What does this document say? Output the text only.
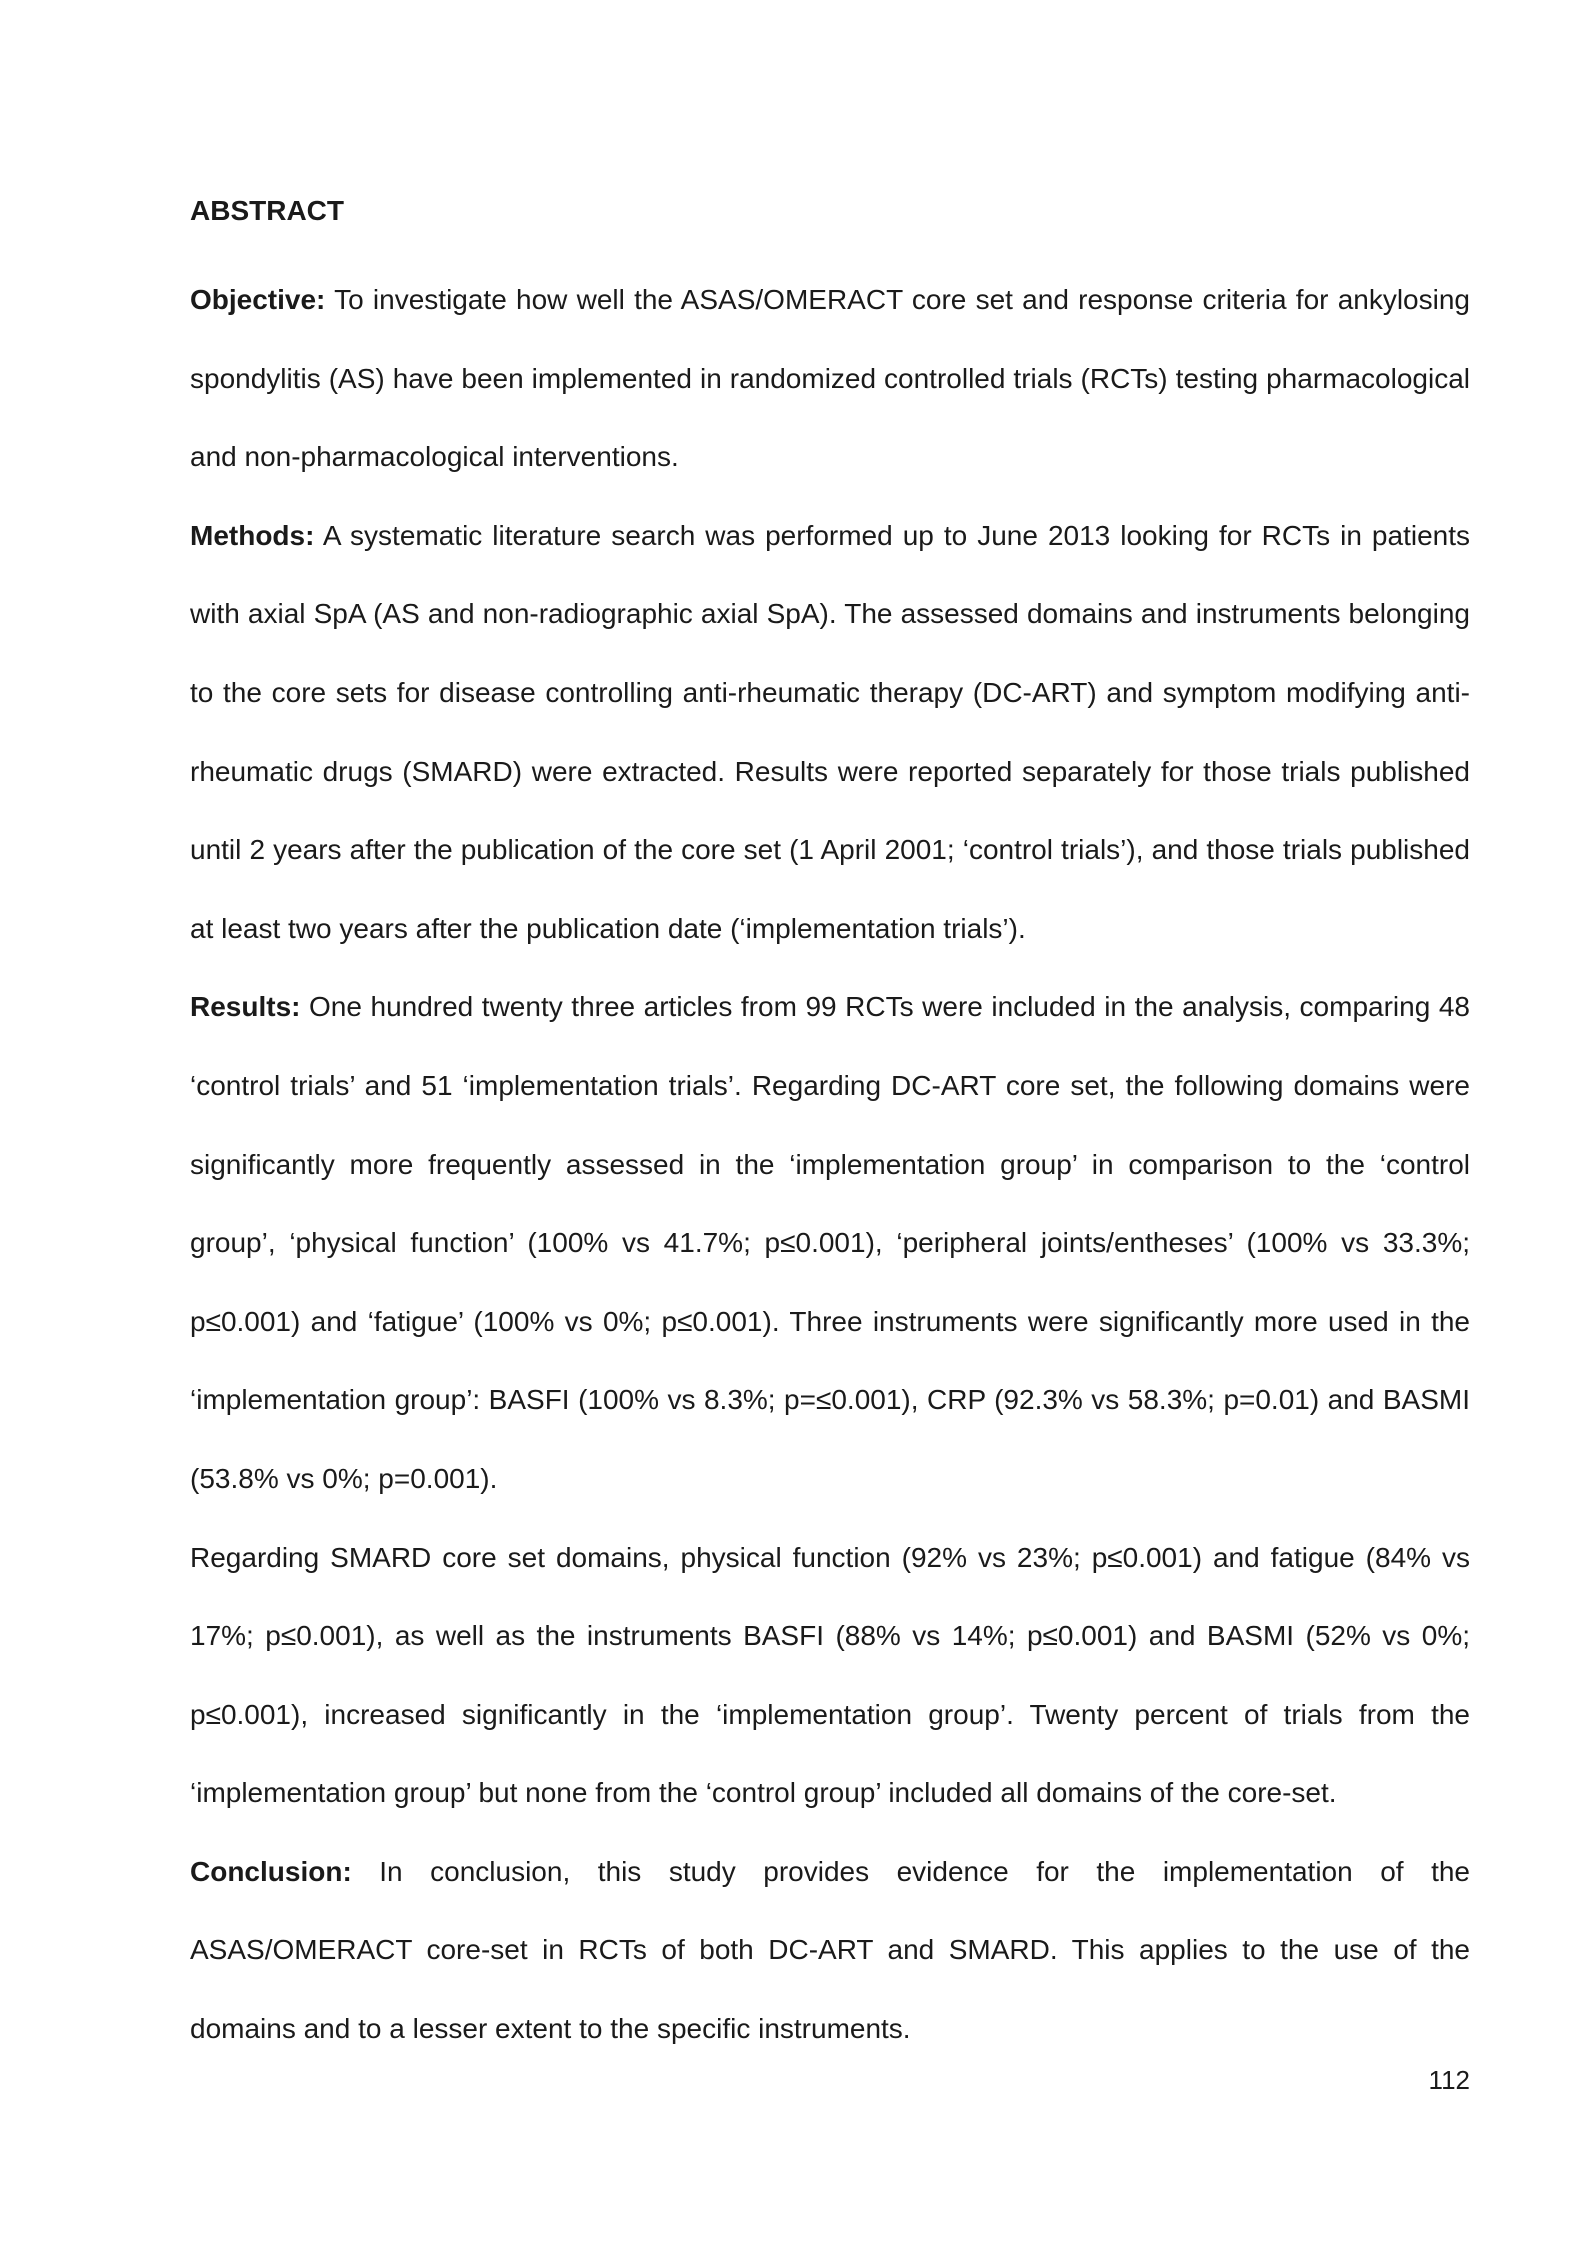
ABSTRACT

Objective: To investigate how well the ASAS/OMERACT core set and response criteria for ankylosing spondylitis (AS) have been implemented in randomized controlled trials (RCTs) testing pharmacological and non-pharmacological interventions.

Methods: A systematic literature search was performed up to June 2013 looking for RCTs in patients with axial SpA (AS and non-radiographic axial SpA). The assessed domains and instruments belonging to the core sets for disease controlling anti-rheumatic therapy (DC-ART) and symptom modifying anti-rheumatic drugs (SMARD) were extracted. Results were reported separately for those trials published until 2 years after the publication of the core set (1 April 2001; ‘control trials’), and those trials published at least two years after the publication date (‘implementation trials’).

Results: One hundred twenty three articles from 99 RCTs were included in the analysis, comparing 48 ‘control trials’ and 51 ‘implementation trials’. Regarding DC-ART core set, the following domains were significantly more frequently assessed in the ‘implementation group’ in comparison to the ‘control group’, ‘physical function’ (100% vs 41.7%; p≤0.001), ‘peripheral joints/entheses’ (100% vs 33.3%; p≤0.001) and ‘fatigue’ (100% vs 0%; p≤0.001). Three instruments were significantly more used in the ‘implementation group’: BASFI (100% vs 8.3%; p=≤0.001), CRP (92.3% vs 58.3%; p=0.01) and BASMI (53.8% vs 0%; p=0.001).

Regarding SMARD core set domains, physical function (92% vs 23%; p≤0.001) and fatigue (84% vs 17%; p≤0.001), as well as the instruments BASFI (88% vs 14%; p≤0.001) and BASMI (52% vs 0%; p≤0.001), increased significantly in the ‘implementation group’. Twenty percent of trials from the ‘implementation group’ but none from the ‘control group’ included all domains of the core-set.

Conclusion: In conclusion, this study provides evidence for the implementation of the ASAS/OMERACT core-set in RCTs of both DC-ART and SMARD. This applies to the use of the domains and to a lesser extent to the specific instruments.

112
